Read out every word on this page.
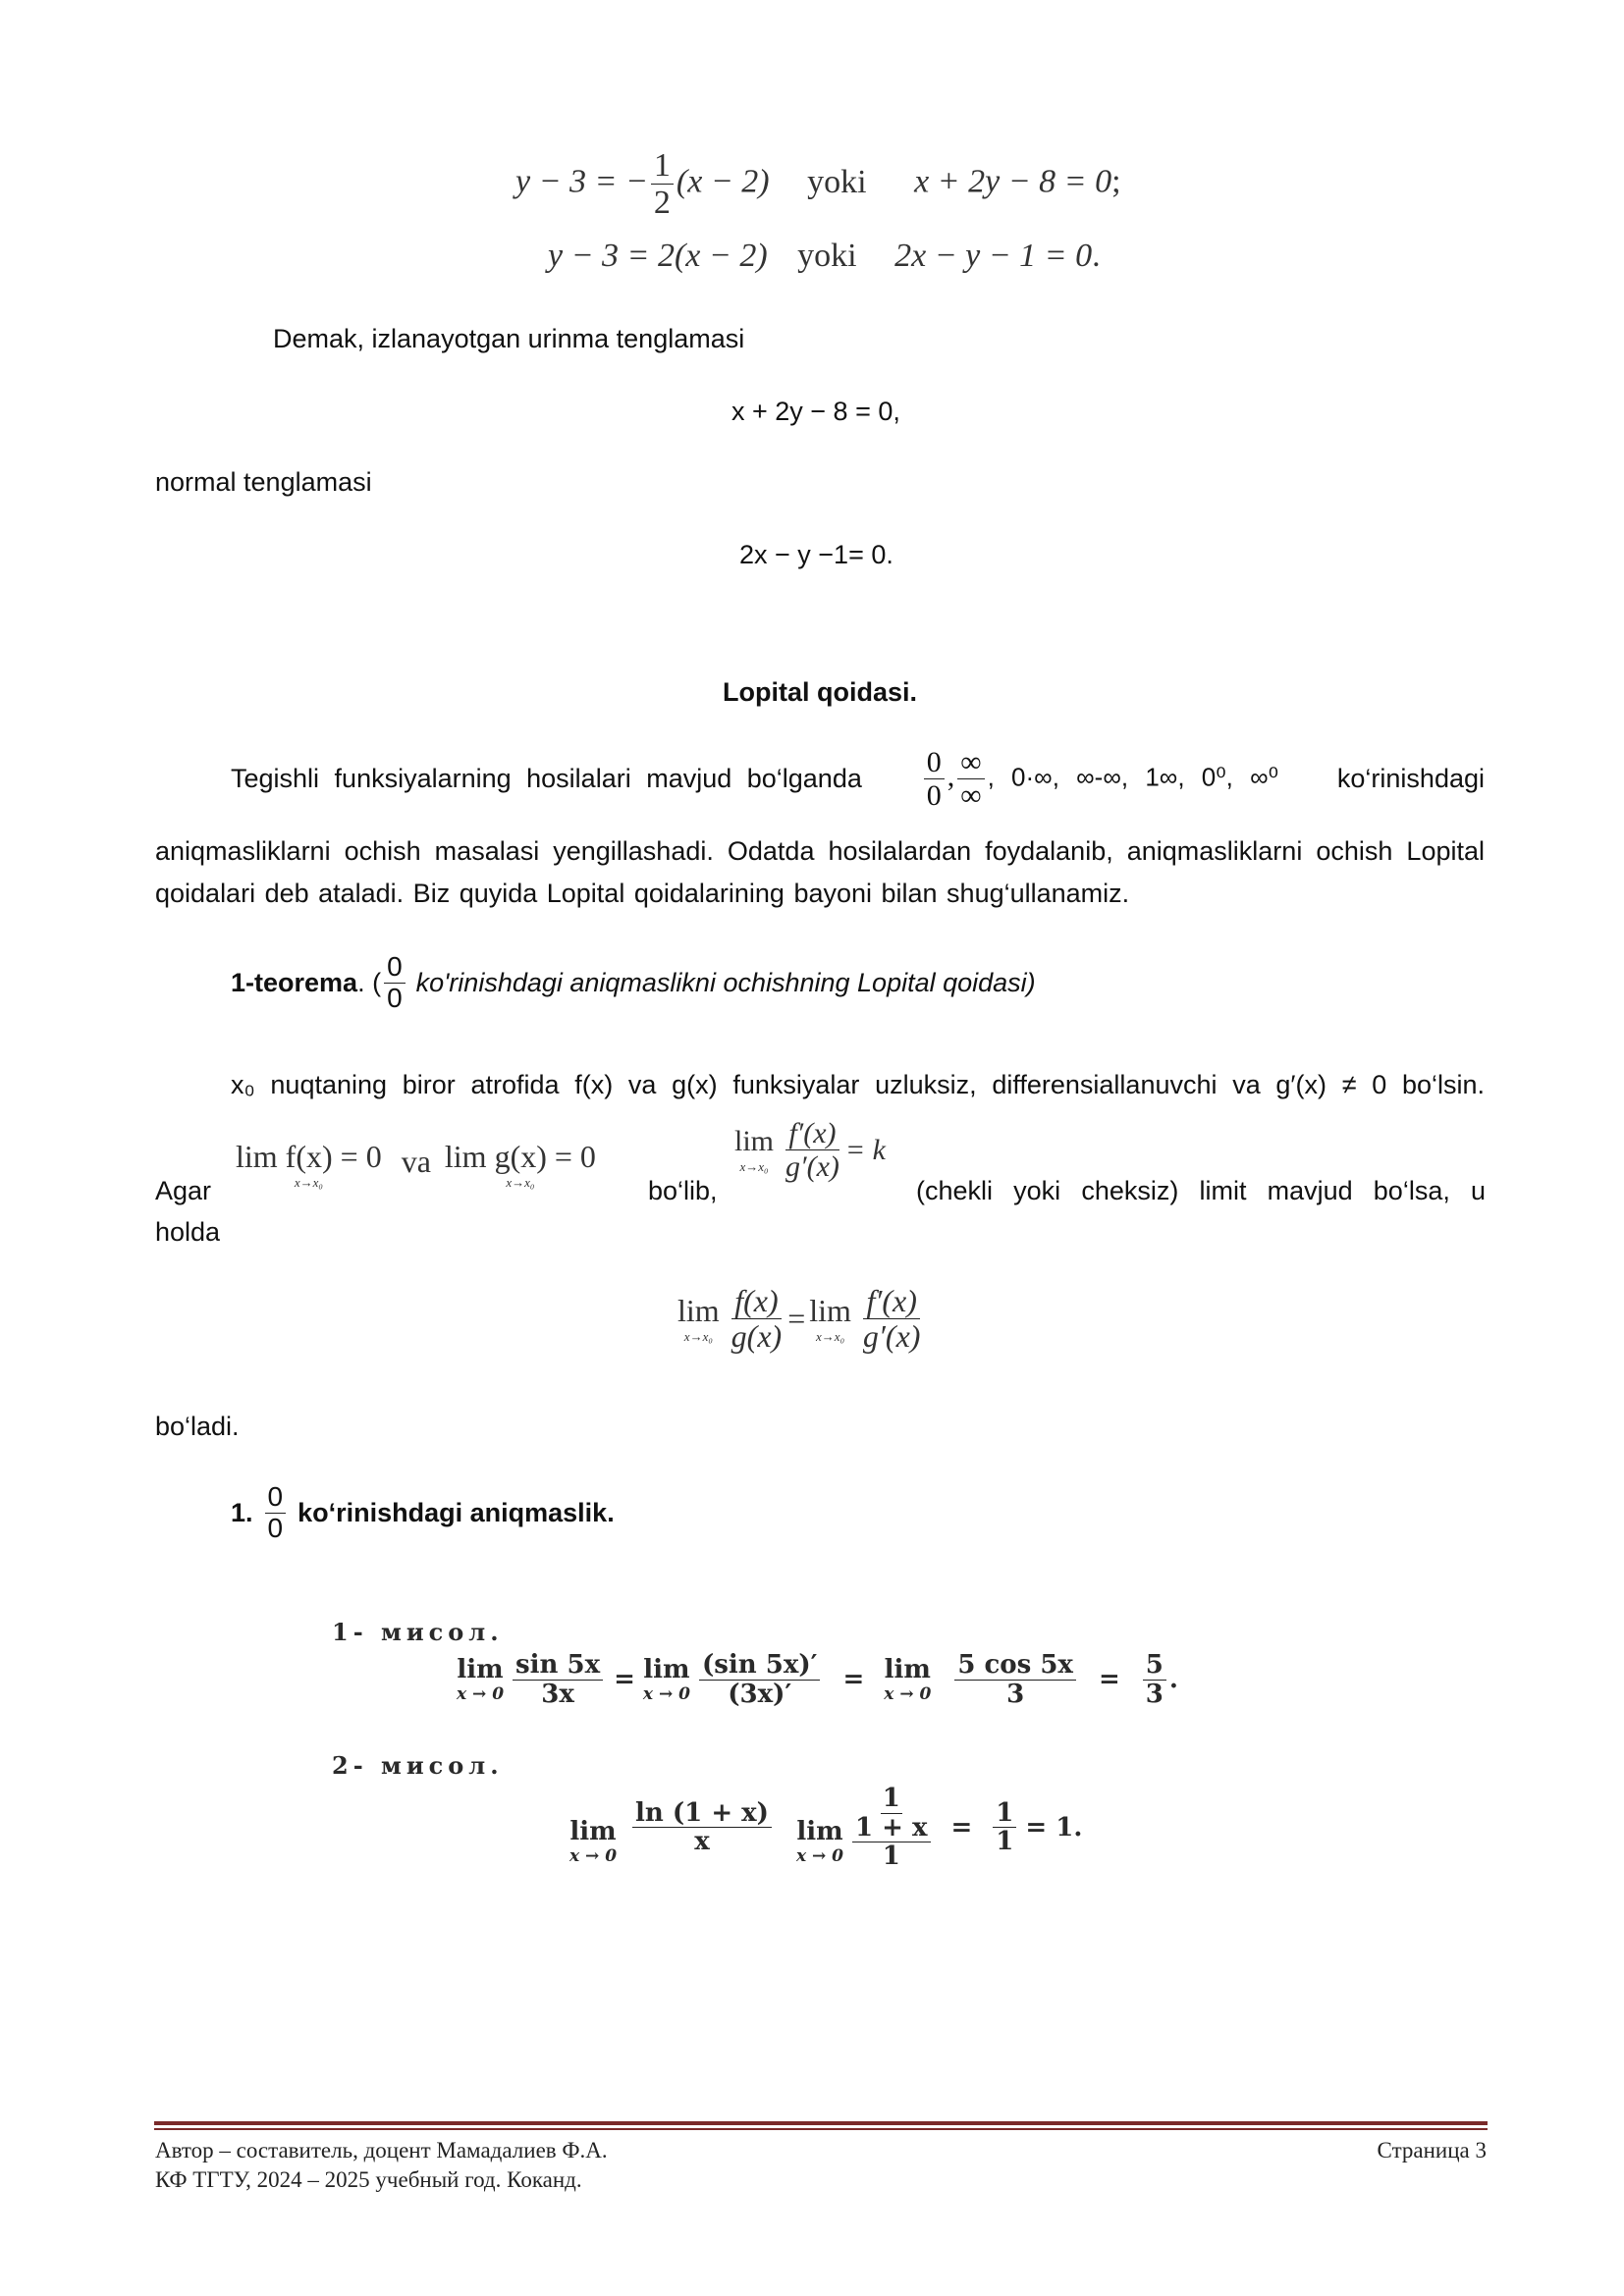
y − 3 = − $\frac{1}{2} (x - 2)$ yoki x + 2y − 8 = 0;
y − 3 = 2(x − 2) yoki 2x − y − 1 = 0.
Demak, izlanayotgan urinma tenglamasi
x + 2y − 8 = 0,
normal tenglamasi
2x − y −1= 0.
Lopital qoidasi.
Tegishli funksiyalarning hosilalari mavjud bo‘lganda $\frac{0}{0}$ , $\frac{\infty}{\infty}$ , 0·∞, ∞-∞, 1∞, 0⁰, ∞⁰ ko‘rinishdagi
aniqmasliklarni ochish masalasi yengillashadi. Odatda hosilalardan foydalanib, aniqmasliklarni ochish Lopital qoidalari deb ataladi. Biz quyida Lopital qoidalarining bayoni bilan shug‘ullanamiz.
1-teorema . ( $\frac{0}{0}$ ko'rinishdagi aniqmaslikni ochishning Lopital qoidasi)
x₀ nuqtaning biror atrofida f(x) va g(x) funksiyalar uzluksiz, differensiallanuvchi va g′(x) ≠ 0 bo‘lsin.
Agar
lim f(x) = 0
x→x₀
va lim g(x) = 0
x→x₀	bo‘lib,
lim
$x\to x_0 \frac{f'(x)}{g'(x)} = k$
(chekli yoki cheksiz) limit mavjud bo‘lsa, u
holda
lim
$x\to x_0 \frac{f(x)}{g(x)} = \lim$
$x\to x_0 \frac{f'(x)}{g'(x)}$
bo‘ladi.
1. $\frac{0}{0}$ ko‘rinishdagi aniqmaslik.
1- мисол.
lim
$x \to 0 \frac{\sin 5x}{3x} = \lim$
$x \to 0 \frac{(\sin 5x)'}{(3x)'} = \lim$
$x \to 0 \frac{5 \cos 5x}{3} = \frac{5}{3}$ .
2- мисол.
lim
x → 0
$\frac{\ln (1 + x)}{x}$ lim
x → 0 1
1 + x
$1 = \frac{1}{1} = 1$.
Автор – составитель, доцент Мамадалиев Ф.А.
КФ ТГТУ, 2024 – 2025 учебный год. Коканд.
Страница 3
